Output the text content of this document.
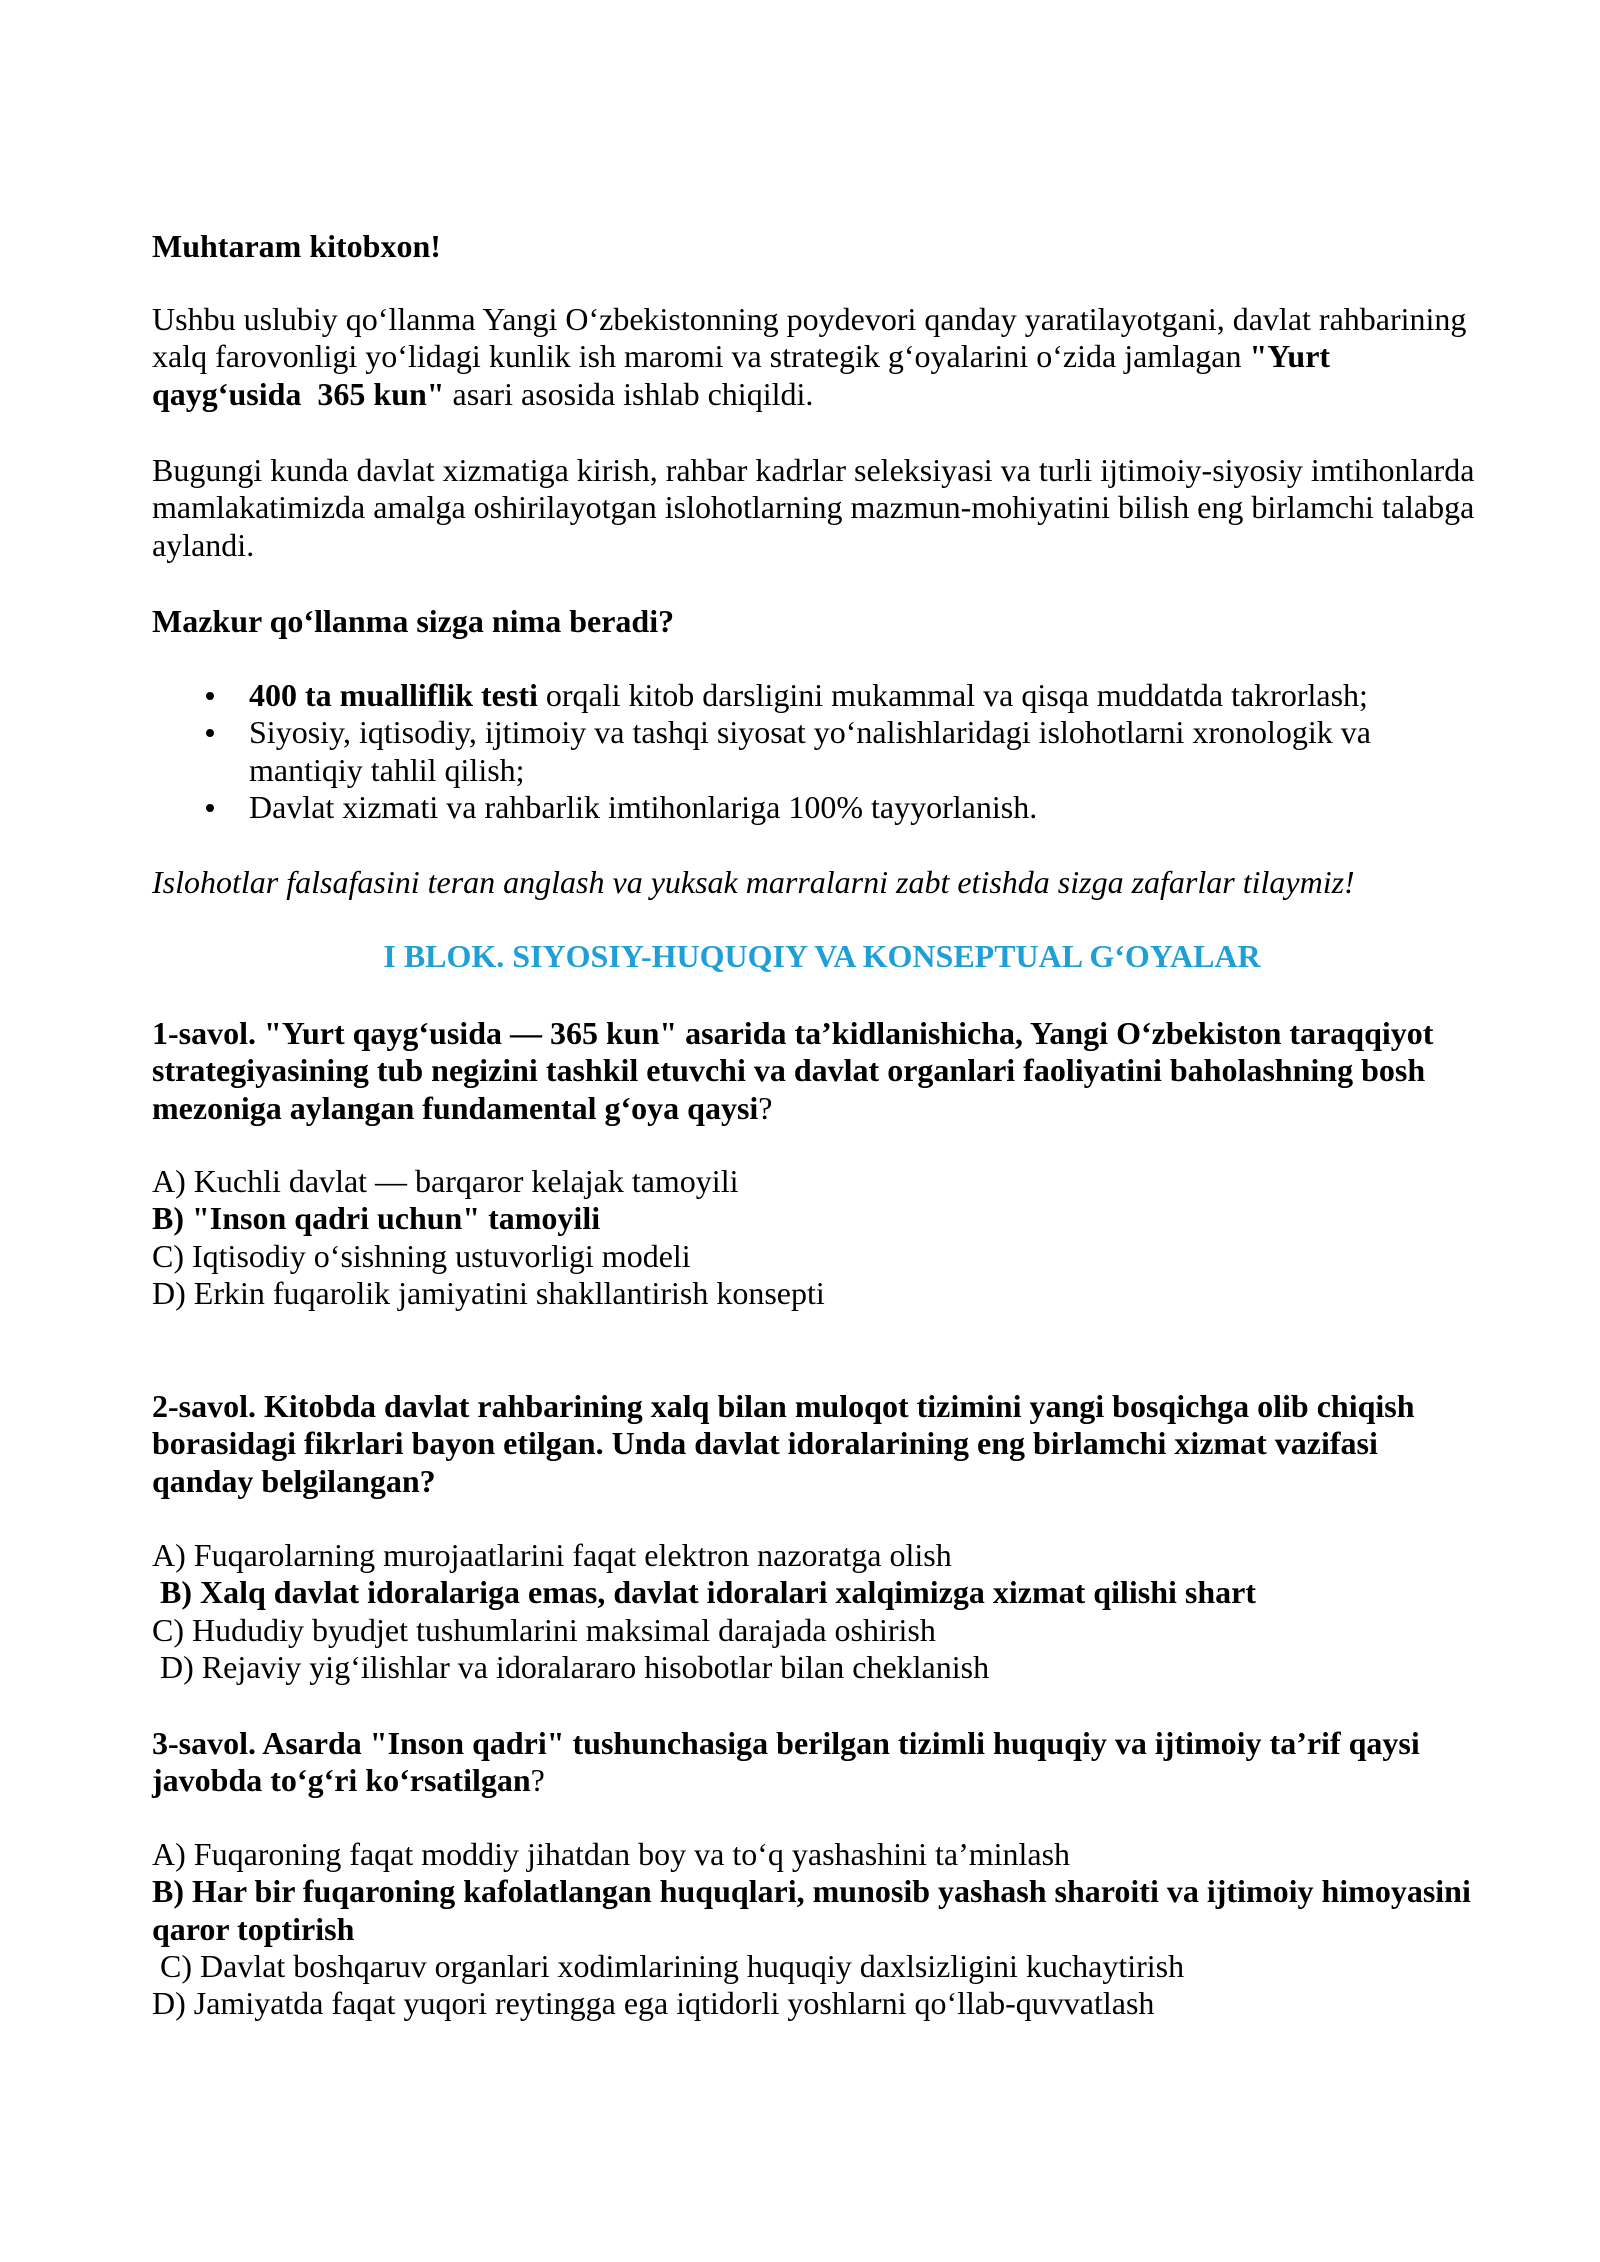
Muhtaram kitobxon!
Ushbu uslubiy qo‘llanma Yangi O‘zbekistonning poydevori qanday yaratilayotgani, davlat rahbarining
xalq farovonligi yo‘lidagi kunlik ish maromi va strategik g‘oyalarini o‘zida jamlagan "Yurt
qayg‘usida  365 kun" asari asosida ishlab chiqildi.
Bugungi kunda davlat xizmatiga kirish, rahbar kadrlar seleksiyasi va turli ijtimoiy-siyosiy imtihonlarda
mamlakatimizda amalga oshirilayotgan islohotlarning mazmun-mohiyatini bilish eng birlamchi talabga
aylandi.
Mazkur qo‘llanma sizga nima beradi?
400 ta mualliflik testi orqali kitob darsligini mukammal va qisqa muddatda takrorlash;
Siyosiy, iqtisodiy, ijtimoiy va tashqi siyosat yo‘nalishlaridagi islohotlarni xronologik va
mantiqiy tahlil qilish;
Davlat xizmati va rahbarlik imtihonlariga 100% tayyorlanish.
Islohotlar falsafasini teran anglash va yuksak marralarni zabt etishda sizga zafarlar tilaymiz!
I BLOK. SIYOSIY-HUQUQIY VA KONSEPTUAL G‘OYALAR
1-savol. "Yurt qayg‘usida — 365 kun" asarida ta’kidlanishicha, Yangi O‘zbekiston taraqqiyot
strategiyasining tub negizini tashkil etuvchi va davlat organlari faoliyatini baholashning bosh
mezoniga aylangan fundamental g‘oya qaysi?
A) Kuchli davlat — barqaror kelajak tamoyili
B) "Inson qadri uchun" tamoyili
C) Iqtisodiy o‘sishning ustuvorligi modeli
D) Erkin fuqarolik jamiyatini shakllantirish konsepti
2-savol. Kitobda davlat rahbarining xalq bilan muloqot tizimini yangi bosqichga olib chiqish
borasidagi fikrlari bayon etilgan. Unda davlat idoralarining eng birlamchi xizmat vazifasi
qanday belgilangan?
A) Fuqarolarning murojaatlarini faqat elektron nazoratga olish
B) Xalq davlat idoralariga emas, davlat idoralari xalqimizga xizmat qilishi shart
C) Hududiy byudjet tushumlarini maksimal darajada oshirish
D) Rejaviy yig‘ilishlar va idoralararo hisobotlar bilan cheklanish
3-savol. Asarda "Inson qadri" tushunchasiga berilgan tizimli huquqiy va ijtimoiy ta’rif qaysi
javobda to‘g‘ri ko‘rsatilgan?
A) Fuqaroning faqat moddiy jihatdan boy va to‘q yashashini ta’minlash
B) Har bir fuqaroning kafolatlangan huquqlari, munosib yashash sharoiti va ijtimoiy himoyasini
qaror toptirish
C) Davlat boshqaruv organlari xodimlarining huquqiy daxlsizligini kuchaytirish
D) Jamiyatda faqat yuqori reytingga ega iqtidorli yoshlarni qo‘llab-quvvatlash
